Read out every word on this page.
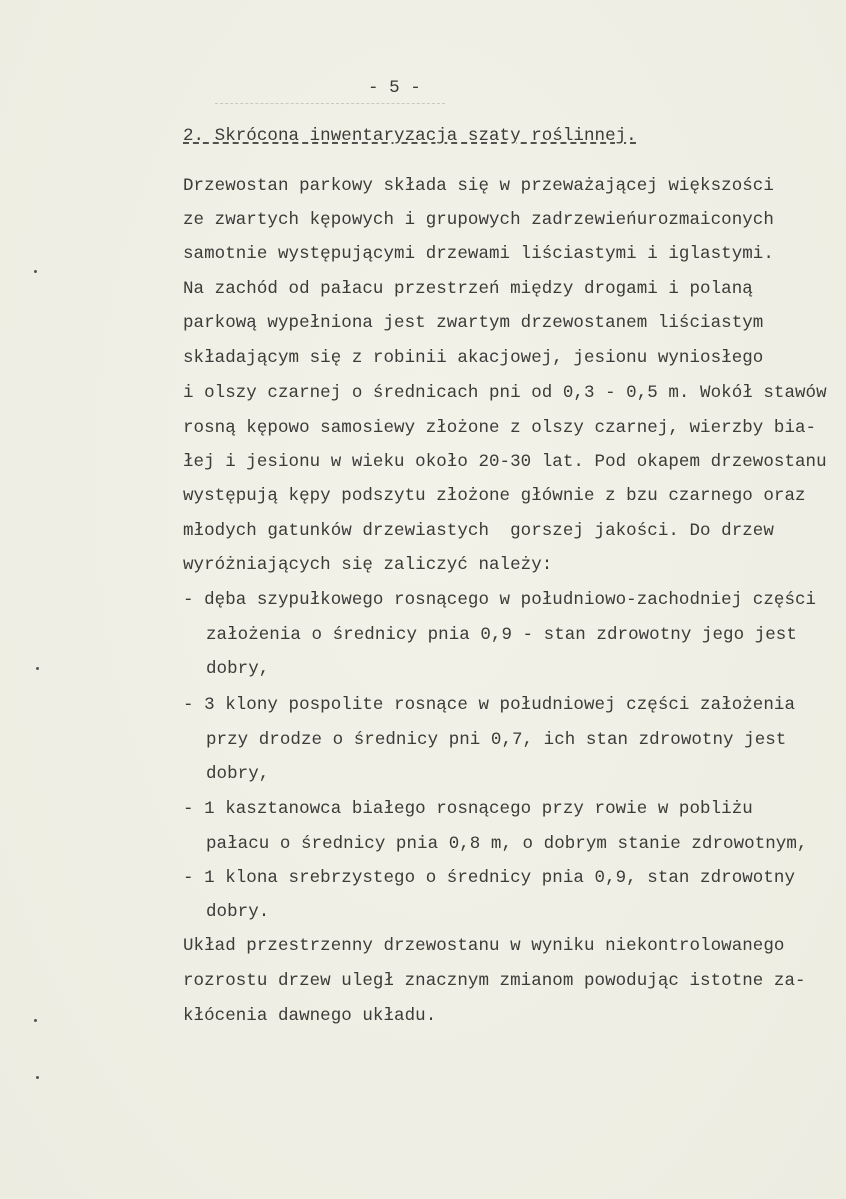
- 5 -
2. Skrócona inwentaryzacja szaty roślinnej.
Drzewostan parkowy składa się w przeważającej większości
ze zwartych kępowych i grupowych zadrzewieńurozmaiconych
samotnie występującymi drzewami liściastymi i iglastymi.
Na zachód od pałacu przestrzeń między drogami i polaną
parkową wypełniona jest zwartym drzewostanem liściastym
składającym się z robinii akacjowej, jesionu wyniosłego
i olszy czarnej o średnicach pni od 0,3 - 0,5 m. Wokół stawów
rosną kępowo samosiewy złożone z olszy czarnej, wierzby bia-
łej i jesionu w wieku około 20-30 lat. Pod okapem drzewostanu
występują kępy podszytu złożone głównie z bzu czarnego oraz
młodych gatunków drzewiastych  gorszej jakości. Do drzew
wyróżniających się zaliczyć należy:
- dęba szypułkowego rosnącego w południowo-zachodniej części
założenia o średnicy pnia 0,9 - stan zdrowotny jego jest
dobry,
- 3 klony pospolite rosnące w południowej części założenia
przy drodze o średnicy pni 0,7, ich stan zdrowotny jest
dobry,
- 1 kasztanowca białego rosnącego przy rowie w pobliżu
pałacu o średnicy pnia 0,8 m, o dobrym stanie zdrowotnym,
- 1 klona srebrzystego o średnicy pnia 0,9, stan zdrowotny
dobry.
Układ przestrzenny drzewostanu w wyniku niekontrolowanego
rozrostu drzew uległ znacznym zmianom powodując istotne za-
kłócenia dawnego układu.
